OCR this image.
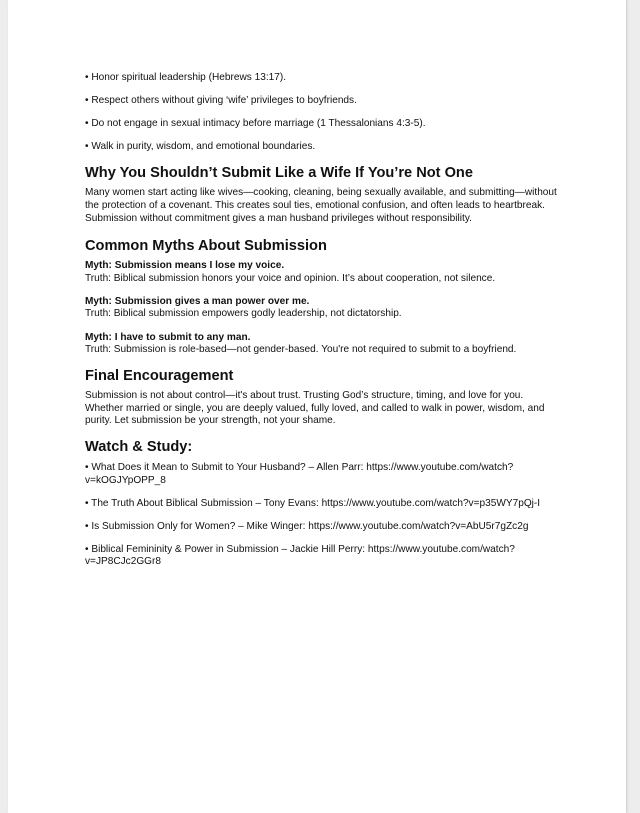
• Honor spiritual leadership (Hebrews 13:17).

• Respect others without giving ‘wife’ privileges to boyfriends.

• Do not engage in sexual intimacy before marriage (1 Thessalonians 4:3-5).

• Walk in purity, wisdom, and emotional boundaries.

Why You Shouldn’t Submit Like a Wife If You’re Not One

Many women start acting like wives—cooking, cleaning, being sexually available, and submitting—without the protection of a covenant. This creates soul ties, emotional confusion, and often leads to heartbreak. Submission without commitment gives a man husband privileges without responsibility.

Common Myths About Submission
Myth: Submission means I lose my voice.
Truth: Biblical submission honors your voice and opinion. It’s about cooperation, not silence.
Myth: Submission gives a man power over me.
Truth: Biblical submission empowers godly leadership, not dictatorship.
Myth: I have to submit to any man.
Truth: Submission is role-based—not gender-based. You're not required to submit to a boyfriend.
Final Encouragement

Submission is not about control—it's about trust. Trusting God’s structure, timing, and love for you. Whether married or single, you are deeply valued, fully loved, and called to walk in power, wisdom, and purity. Let submission be your strength, not your shame.

Watch & Study:

• What Does it Mean to Submit to Your Husband? – Allen Parr: https://www.youtube.com/watch?v=kOGJYpOPP_8

• The Truth About Biblical Submission – Tony Evans: https://www.youtube.com/watch?v=p35WY7pQj-I

• Is Submission Only for Women? – Mike Winger: https://www.youtube.com/watch?v=AbU5r7gZc2g

• Biblical Femininity & Power in Submission – Jackie Hill Perry: https://www.youtube.com/watch?v=JP8CJc2GGr8
